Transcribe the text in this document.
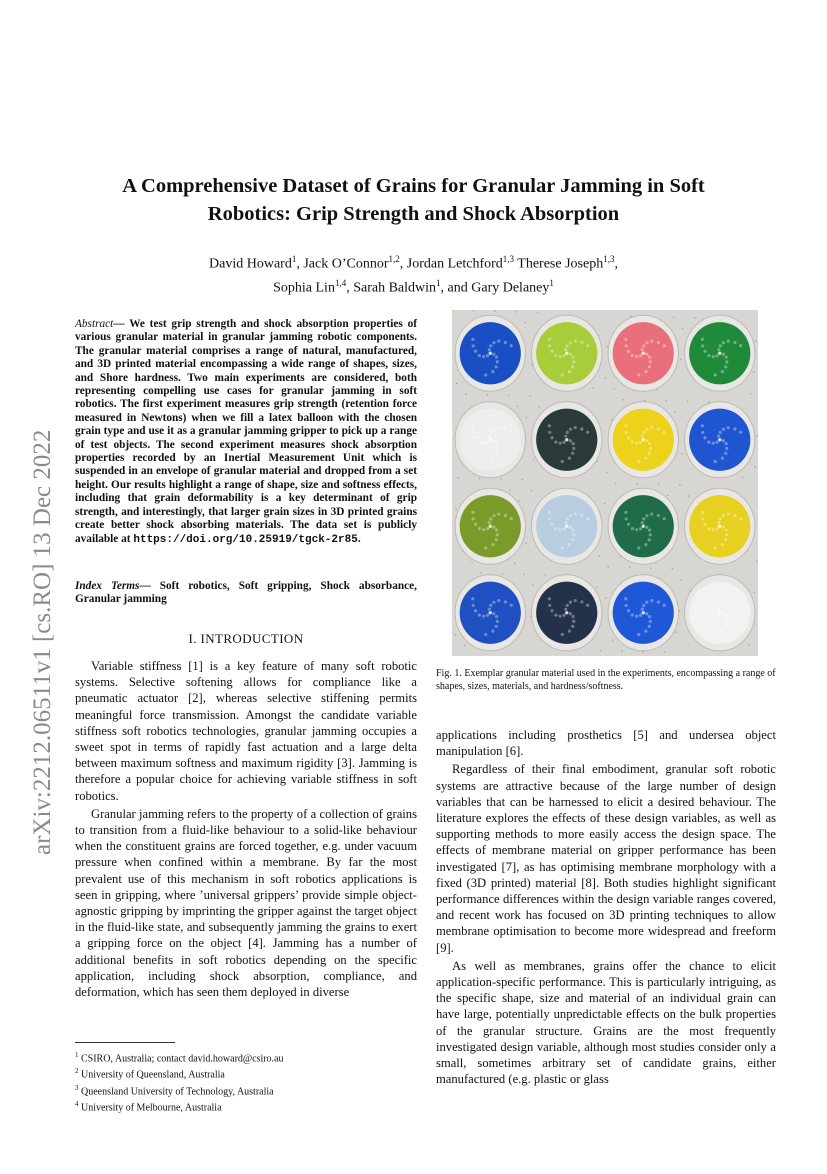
arXiv:2212.06511v1 [cs.RO] 13 Dec 2022
A Comprehensive Dataset of Grains for Granular Jamming in Soft
Robotics: Grip Strength and Shock Absorption
David Howard$^1$, Jack O’Connor$^{1,2}$, Jordan Letchford$^{1,3}$ Therese Joseph$^{1,3}$,
Sophia Lin$^{1,4}$, Sarah Baldwin$^1$, and Gary Delaney$^1$
Abstract— We test grip strength and shock absorption properties of various granular material in granular jamming robotic components. The granular material comprises a range of natural, manufactured, and 3D printed material encompassing a wide range of shapes, sizes, and Shore hardness. Two main experiments are considered, both representing compelling use cases for granular jamming in soft robotics. The first experiment measures grip strength (retention force measured in Newtons) when we fill a latex balloon with the chosen grain type and use it as a granular jamming gripper to pick up a range of test objects. The second experiment measures shock absorption properties recorded by an Inertial Measurement Unit which is suspended in an envelope of granular material and dropped from a set height. Our results highlight a range of shape, size and softness effects, including that grain deformability is a key determinant of grip strength, and interestingly, that larger grain sizes in 3D printed grains create better shock absorbing materials. The data set is publicly available at https://doi.org/10.25919/tgck-2r85.
Index Terms— Soft robotics, Soft gripping, Shock absorbance, Granular jamming
I. INTRODUCTION

Variable stiffness [1] is a key feature of many soft robotic systems. Selective softening allows for compliance like a pneumatic actuator [2], whereas selective stiffening permits meaningful force transmission. Amongst the candidate variable stiffness soft robotics technologies, granular jamming occupies a sweet spot in terms of rapidly fast actuation and a large delta between maximum softness and maximum rigidity [3]. Jamming is therefore a popular choice for achieving variable stiffness in soft robotics.

Granular jamming refers to the property of a collection of grains to transition from a fluid-like behaviour to a solid-like behaviour when the constituent grains are forced together, e.g. under vacuum pressure when confined within a membrane. By far the most prevalent use of this mechanism in soft robotics applications is seen in gripping, where ’universal grippers’ provide simple object-agnostic gripping by imprinting the gripper against the target object in the fluid-like state, and subsequently jamming the grains to exert a gripping force on the object [4]. Jamming has a number of additional benefits in soft robotics depending on the specific application, including shock absorption, compliance, and deformation, which has seen them deployed in diverse

$^1$ CSIRO, Australia; contact david.howard@csiro.au
$^2$ University of Queensland, Australia
$^3$ Queensland University of Technology, Australia
$^4$ University of Melbourne, Australia
Fig. 1. Exemplar granular material used in the experiments, encompassing a range of shapes, sizes, materials, and hardness/softness.

applications including prosthetics [5] and undersea object manipulation [6].

Regardless of their final embodiment, granular soft robotic systems are attractive because of the large number of design variables that can be harnessed to elicit a desired behaviour. The literature explores the effects of these design variables, as well as supporting methods to more easily access the design space. The effects of membrane material on gripper performance has been investigated [7], as has optimising membrane morphology with a fixed (3D printed) material [8]. Both studies highlight significant performance differences within the design variable ranges covered, and recent work has focused on 3D printing techniques to allow membrane optimisation to become more widespread and freeform [9].

As well as membranes, grains offer the chance to elicit application-specific performance. This is particularly intriguing, as the specific shape, size and material of an individual grain can have large, potentially unpredictable effects on the bulk properties of the granular structure. Grains are the most frequently investigated design variable, although most studies consider only a small, sometimes arbitrary set of candidate grains, either manufactured (e.g. plastic or glass
